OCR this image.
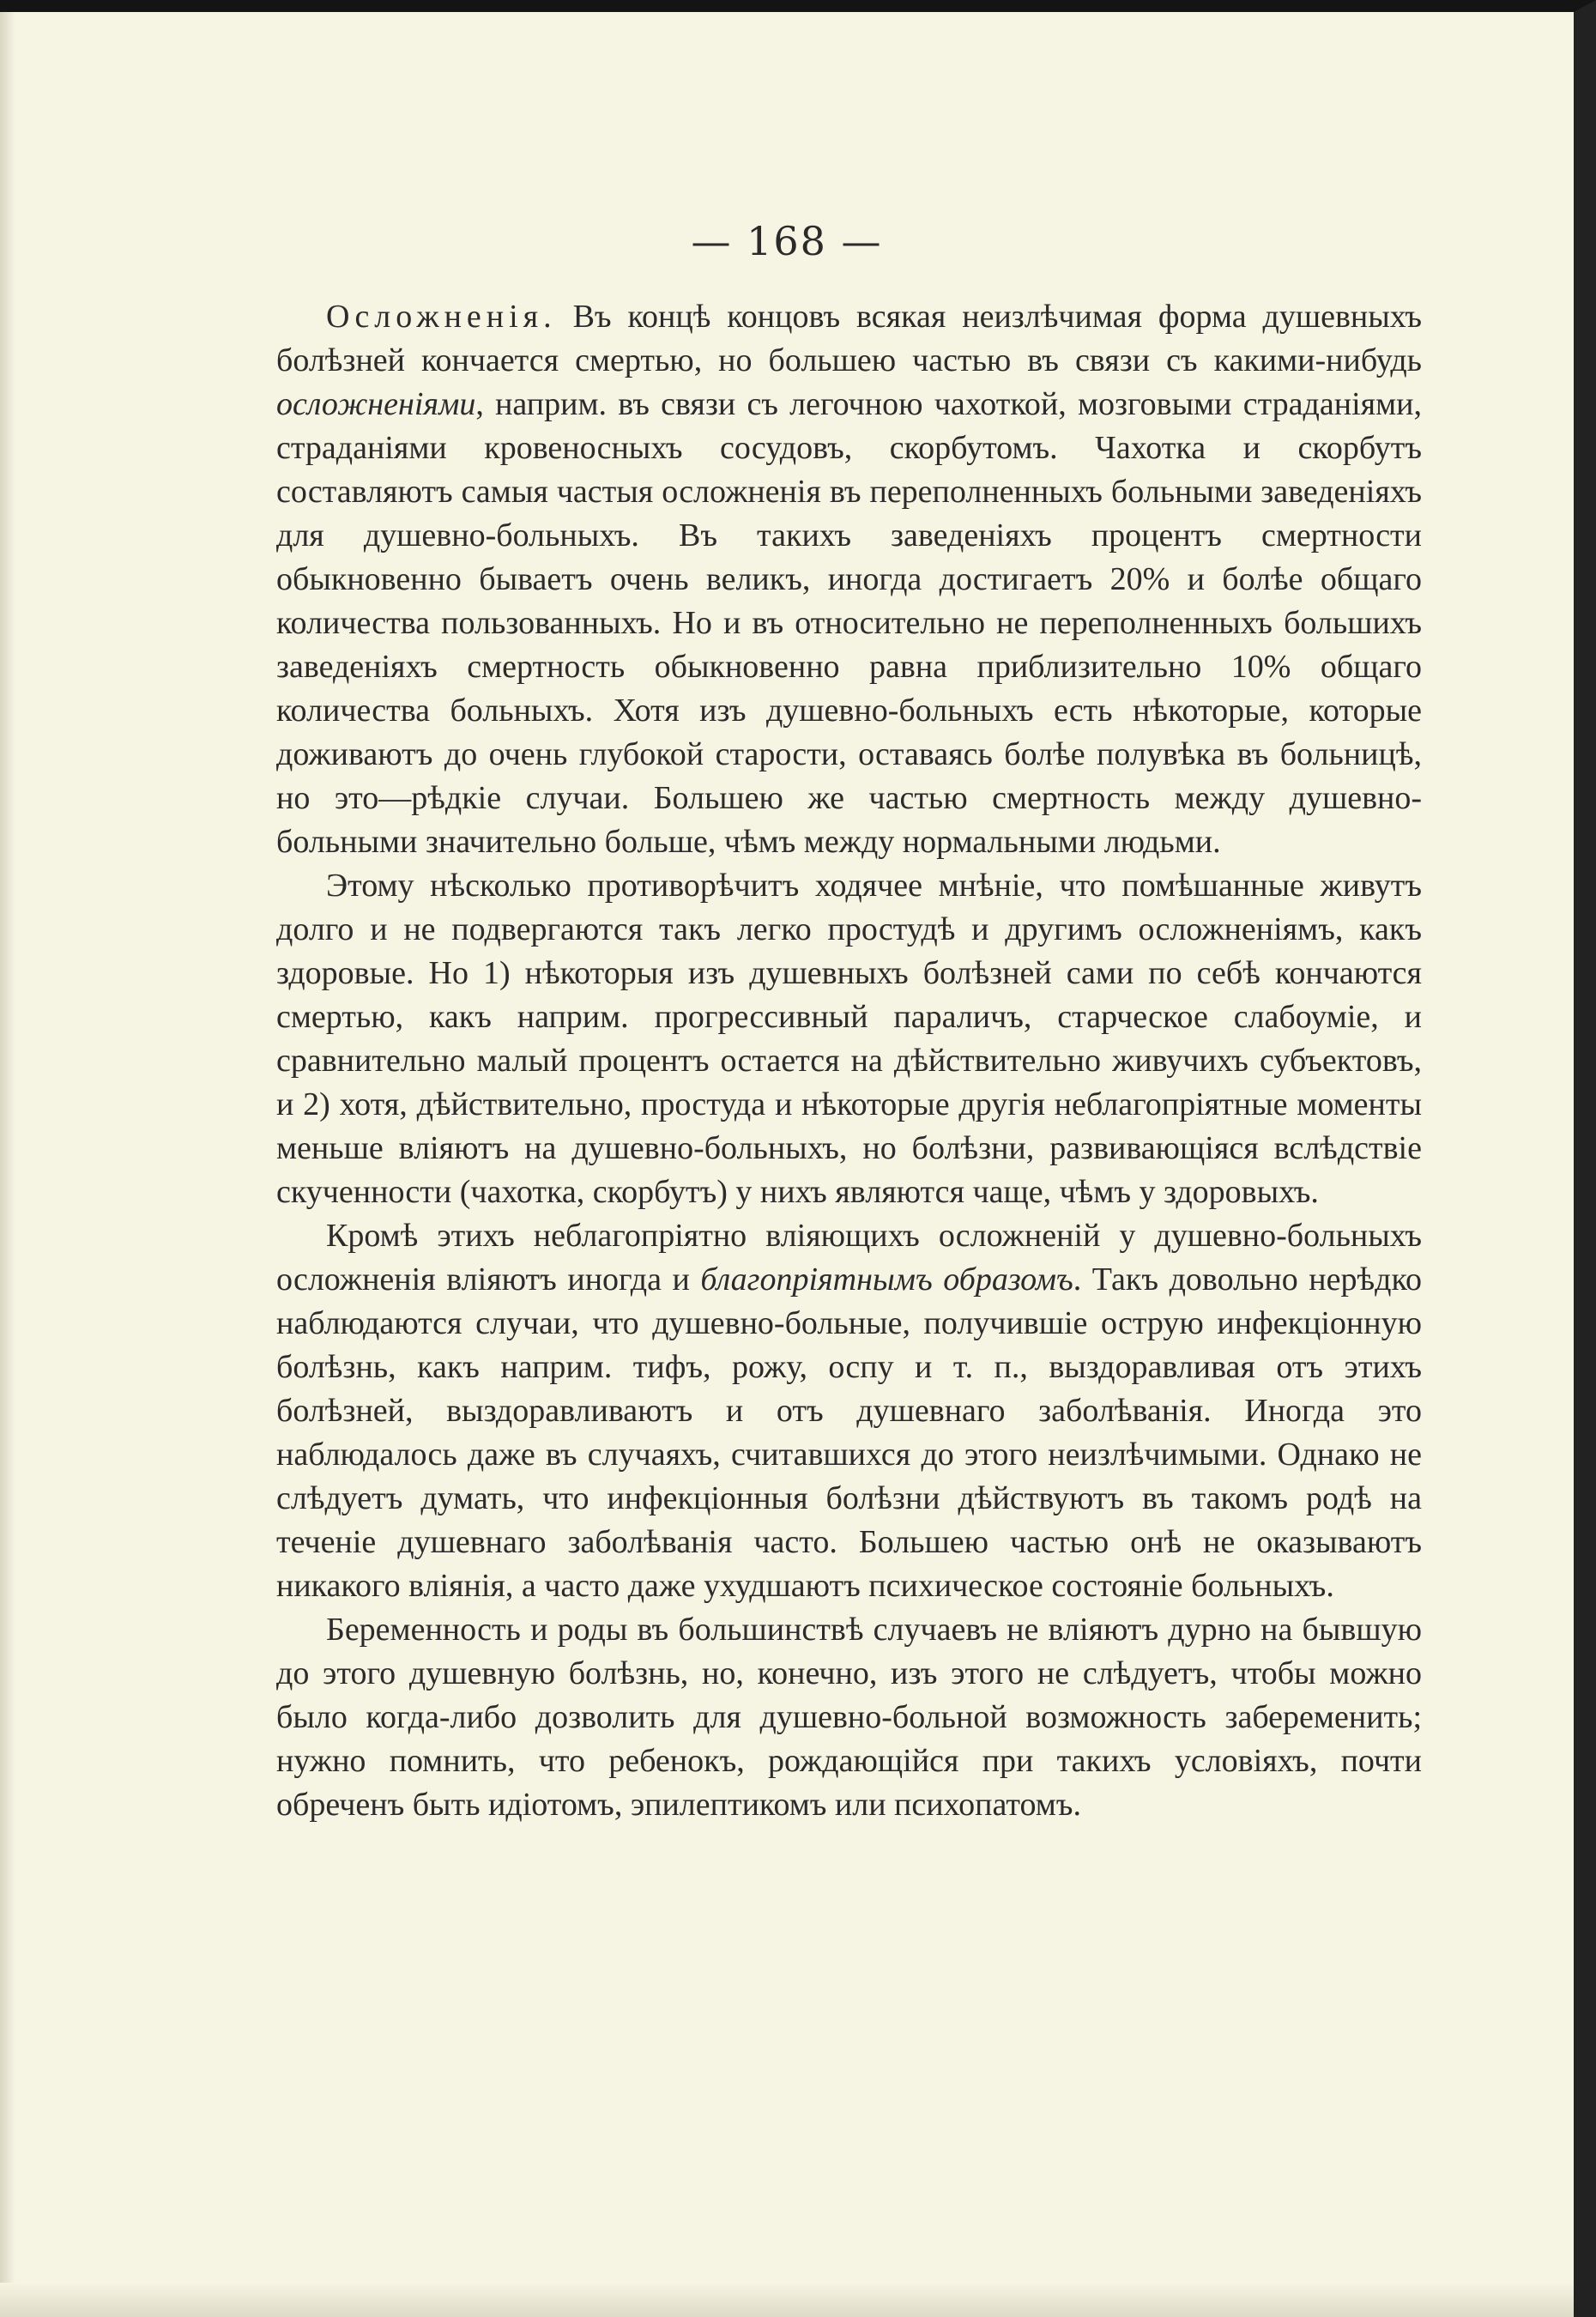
— 168 —

Осложненія. Въ концѣ концовъ всякая неизлѣчимая форма душевныхъ болѣзней кончается смертью, но большею частью въ связи съ какими-нибудь осложненіями, наприм. въ связи съ легочною чахоткой, мозговыми страданіями, страданіями кровеносныхъ сосудовъ, скорбутомъ. Чахотка и скорбутъ составляютъ самыя частыя осложненія въ переполненныхъ больными заведеніяхъ для душевно-больныхъ. Въ такихъ заведеніяхъ процентъ смертности обыкновенно бываетъ очень великъ, иногда достигаетъ 20% и болѣе общаго количества пользованныхъ. Но и въ относительно не переполненныхъ большихъ заведеніяхъ смертность обыкновенно равна приблизительно 10% общаго количества больныхъ. Хотя изъ душевно-больныхъ есть нѣкоторые, которые доживаютъ до очень глубокой старости, оставаясь болѣе полувѣка въ больницѣ, но это—рѣдкіе случаи. Большею же частью смертность между душевно-больными значительно больше, чѣмъ между нормальными людьми.

Этому нѣсколько противорѣчитъ ходячее мнѣніе, что помѣшанные живутъ долго и не подвергаются такъ легко простудѣ и другимъ осложненіямъ, какъ здоровые. Но 1) нѣкоторыя изъ душевныхъ болѣзней сами по себѣ кончаются смертью, какъ наприм. прогрессивный параличъ, старческое слабоуміе, и сравнительно малый процентъ остается на дѣйствительно живучихъ субъектовъ, и 2) хотя, дѣйствительно, простуда и нѣкоторые другія неблагопріятные моменты меньше вліяютъ на душевно-больныхъ, но болѣзни, развивающіяся вслѣдствіе скученности (чахотка, скорбутъ) у нихъ являются чаще, чѣмъ у здоровыхъ.

Кромѣ этихъ неблагопріятно вліяющихъ осложненій у душевно-больныхъ осложненія вліяютъ иногда и благопріятнымъ образомъ. Такъ довольно нерѣдко наблюдаются случаи, что душевно-больные, получившіе острую инфекціонную болѣзнь, какъ наприм. тифъ, рожу, оспу и т. п., выздоравливая отъ этихъ болѣзней, выздоравливаютъ и отъ душевнаго заболѣванія. Иногда это наблюдалось даже въ случаяхъ, считавшихся до этого неизлѣчимыми. Однако не слѣдуетъ думать, что инфекціонныя болѣзни дѣйствуютъ въ такомъ родѣ на теченіе душевнаго заболѣванія часто. Большею частью онѣ не оказываютъ никакого вліянія, а часто даже ухудшаютъ психическое состояніе больныхъ.

Беременность и роды въ большинствѣ случаевъ не вліяютъ дурно на бывшую до этого душевную болѣзнь, но, конечно, изъ этого не слѣдуетъ, чтобы можно было когда-либо дозволить для душевно-больной возможность забеременить; нужно помнить, что ребенокъ, рождающійся при такихъ условіяхъ, почти обреченъ быть идіотомъ, эпилептикомъ или психопатомъ.
